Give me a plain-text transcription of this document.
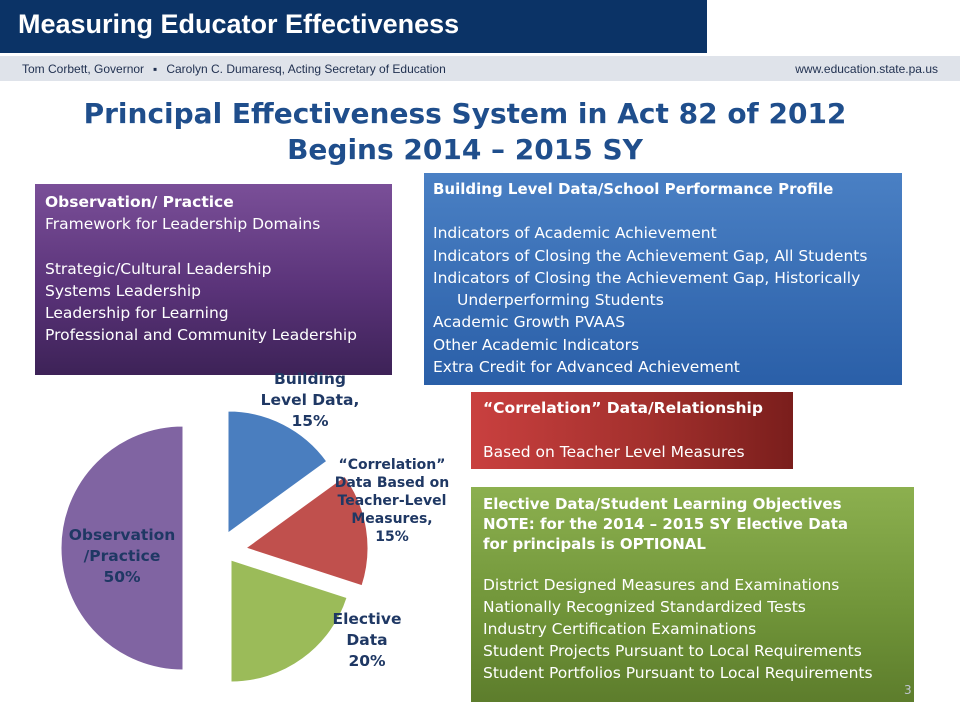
Measuring Educator Effectiveness
Tom Corbett, Governor ▪ Carolyn C. Dumaresq, Acting Secretary of Education	www.education.state.pa.us
Principal Effectiveness System in Act 82 of 2012
Begins 2014 – 2015 SY
Observation/ Practice
Framework for Leadership Domains
Strategic/Cultural Leadership
Systems Leadership
Leadership for Learning
Professional and Community Leadership
Building Level Data/School Performance Profile
Indicators of Academic Achievement
Indicators of Closing the Achievement Gap, All Students
Indicators of Closing the Achievement Gap, Historically
Underperforming Students
Academic Growth PVAAS
Other Academic Indicators
Extra Credit for Advanced Achievement
“Correlation” Data/Relationship
Based on Teacher Level Measures
Elective Data/Student Learning Objectives
NOTE: for the 2014 – 2015 SY Elective Data
for principals is OPTIONAL
District Designed Measures and Examinations
Nationally Recognized Standardized Tests
Industry Certification Examinations
Student Projects Pursuant to Local Requirements
Student Portfolios Pursuant to Local Requirements
Building Level Data, 15%
“Correlation” Data Based on Teacher-Level Measures, 15%
Elective Data 20%
Observation /Practice 50%
3
